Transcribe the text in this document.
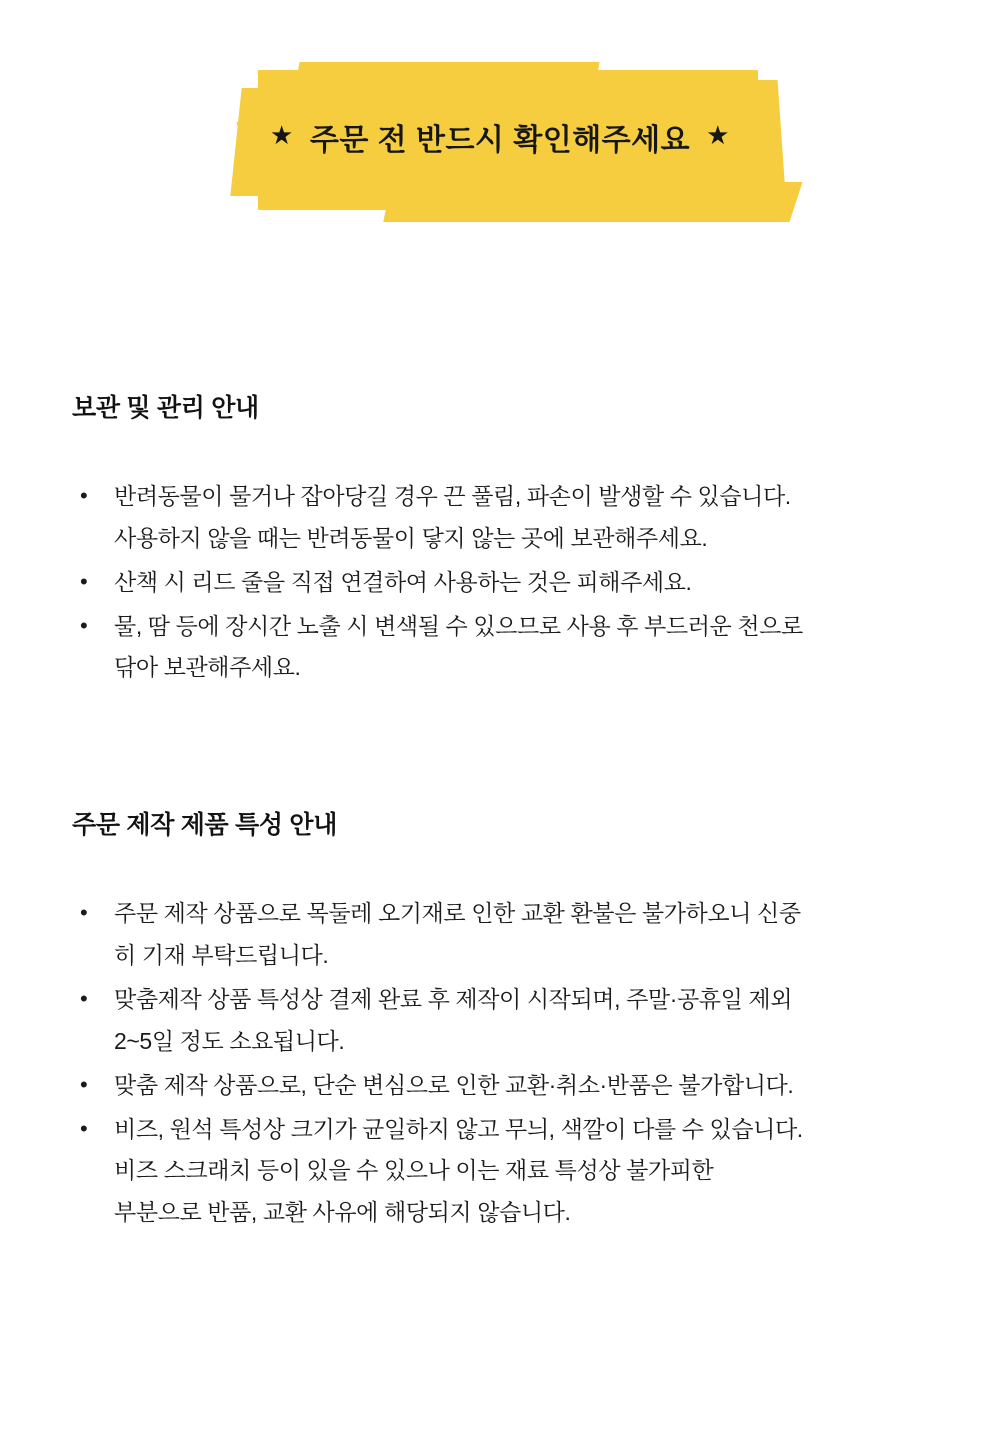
★ 주문 전 반드시 확인해주세요 ★
보관 및 관리 안내
• 반려동물이 물거나 잡아당길 경우 끈 풀림, 파손이 발생할 수 있습니다.
사용하지 않을 때는 반려동물이 닿지 않는 곳에 보관해주세요.
• 산책 시 리드 줄을 직접 연결하여 사용하는 것은 피해주세요.
• 물, 땀 등에 장시간 노출 시 변색될 수 있으므로 사용 후 부드러운 천으로
닦아 보관해주세요.
주문 제작 제품 특성 안내
• 주문 제작 상품으로 목둘레 오기재로 인한 교환 환불은 불가하오니 신중
히 기재 부탁드립니다.
• 맞춤제작 상품 특성상 결제 완료 후 제작이 시작되며, 주말·공휴일 제외
2~5일 정도 소요됩니다.
• 맞춤 제작 상품으로, 단순 변심으로 인한 교환·취소·반품은 불가합니다.
• 비즈, 원석 특성상 크기가 균일하지 않고 무늬, 색깔이 다를 수 있습니다.
비즈 스크래치 등이 있을 수 있으나 이는 재료 특성상 불가피한
부분으로 반품, 교환 사유에 해당되지 않습니다.
